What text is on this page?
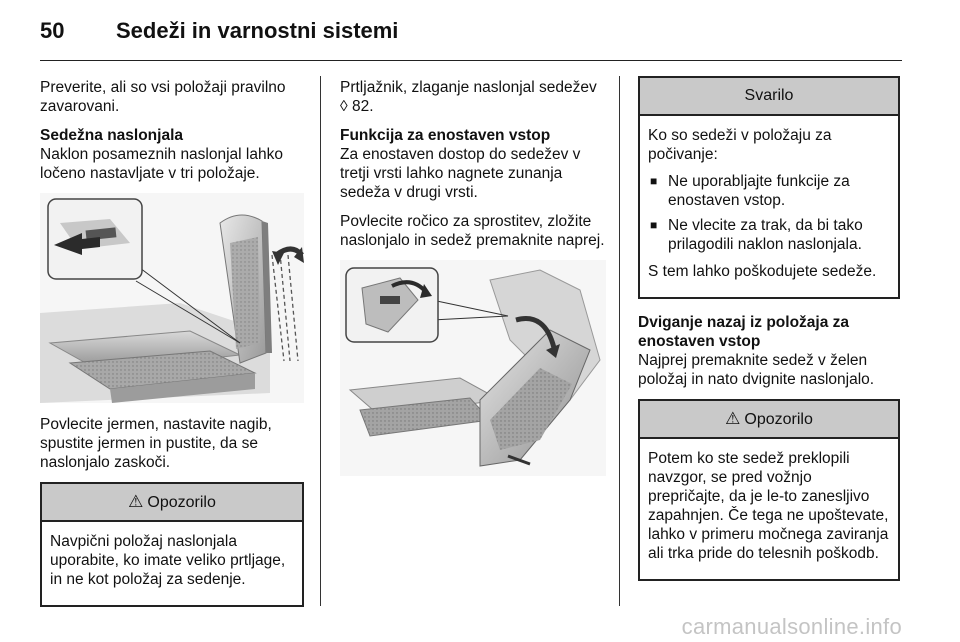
50 Sedeži in varnostni sistemi

Preverite, ali so vsi položaji pravilno zavarovani.

Sedežna naslonjala
Naklon posameznih naslonjal lahko ločeno nastavljate v tri položaje.

Povlecite jermen, nastavite nagib, spustite jermen in pustite, da se naslonjalo zaskoči.

⚠ Opozorilo

Navpični položaj naslonjala uporabite, ko imate veliko prtljage, in ne kot položaj za sedenje.

Prtljažnik, zlaganje naslonjal sedežev ◊ 82.

Funkcija za enostaven vstop
Za enostaven dostop do sedežev v tretji vrsti lahko nagnete zunanja sedeža v drugi vrsti.

Povlecite ročico za sprostitev, zložite naslonjalo in sedež premaknite naprej.

Svarilo

Ko so sedeži v položaju za počivanje:

■ Ne uporabljajte funkcije za enostaven vstop.
■ Ne vlecite za trak, da bi tako prilagodili naklon naslonjala.

S tem lahko poškodujete sedeže.

Dviganje nazaj iz položaja za enostaven vstop
Najprej premaknite sedež v želen položaj in nato dvignite naslonjalo.

⚠ Opozorilo

Potem ko ste sedež preklopili navzgor, se pred vožnjo prepričajte, da je le-to zanesljivo zapahnjen. Če tega ne upoštevate, lahko v primeru močnega zaviranja ali trka pride do telesnih poškodb.

carmanualsonline.info
